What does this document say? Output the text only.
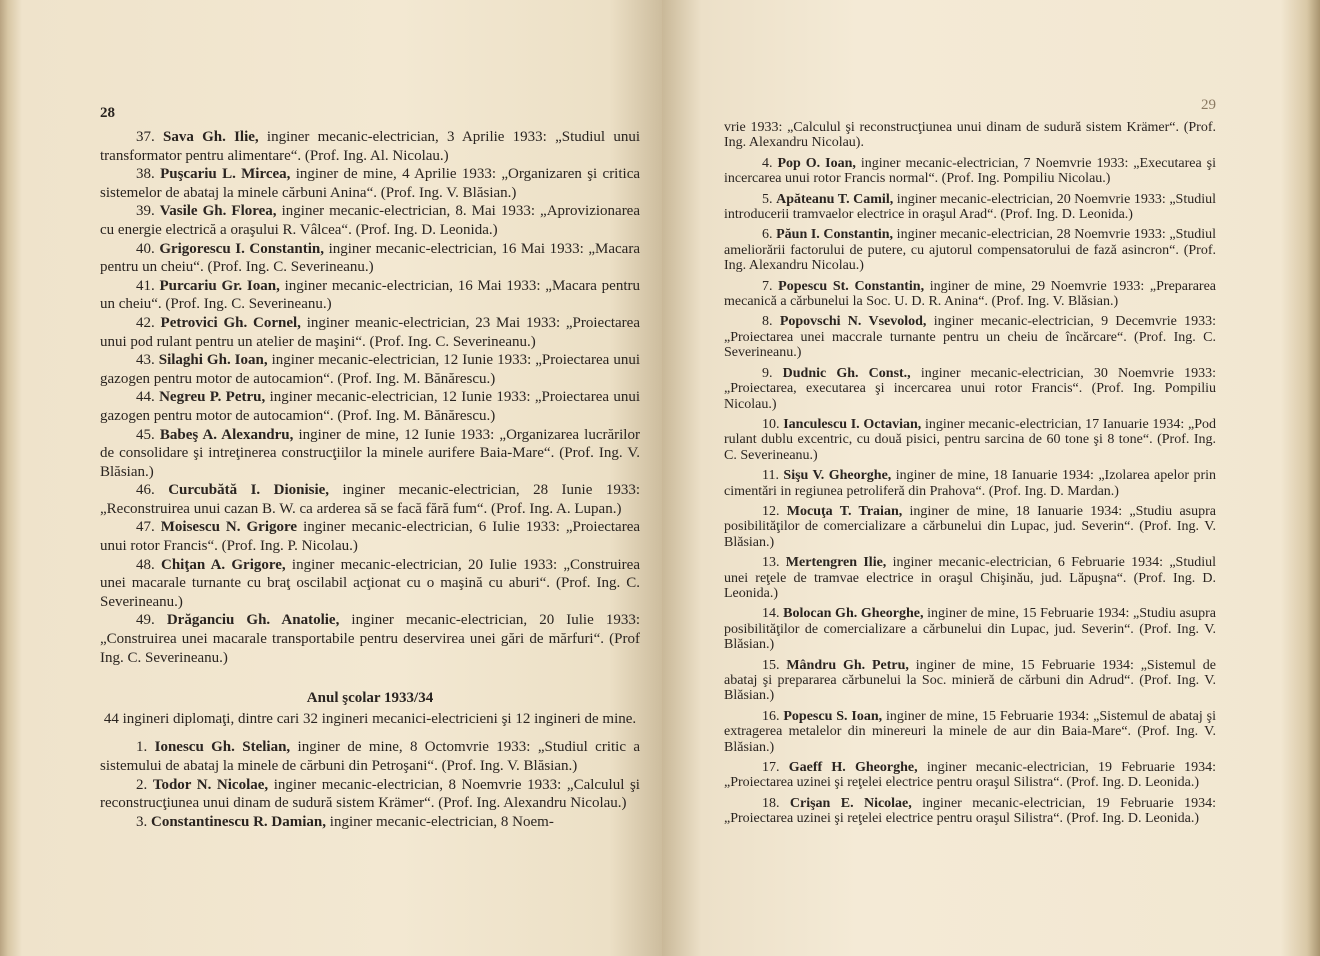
28

37. Sava Gh. Ilie, inginer mecanic-electrician, 3 Aprilie 1933: „Studiul unui transformator pentru alimentare“. (Prof. Ing. Al. Nicolau.)

38. Puşcariu L. Mircea, inginer de mine, 4 Aprilie 1933: „Organizaren şi critica sistemelor de abataj la minele cărbuni Anina“. (Prof. Ing. V. Blăsian.)

39. Vasile Gh. Florea, inginer mecanic-electrician, 8. Mai 1933: „Aprovizionarea cu energie electrică a oraşului R. Vâlcea“. (Prof. Ing. D. Leonida.)

40. Grigorescu I. Constantin, inginer mecanic-electrician, 16 Mai 1933: „Macara pentru un cheiu“. (Prof. Ing. C. Severineanu.)

41. Purcariu Gr. Ioan, inginer mecanic-electrician, 16 Mai 1933: „Macara pentru un cheiu“. (Prof. Ing. C. Severineanu.)

42. Petrovici Gh. Cornel, inginer meanic-electrician, 23 Mai 1933: „Proiectarea unui pod rulant pentru un atelier de maşini“. (Prof. Ing. C. Severineanu.)

43. Silaghi Gh. Ioan, inginer mecanic-electrician, 12 Iunie 1933: „Proiectarea unui gazogen pentru motor de autocamion“. (Prof. Ing. M. Bănărescu.)

44. Negreu P. Petru, inginer mecanic-electrician, 12 Iunie 1933: „Proiectarea unui gazogen pentru motor de autocamion“. (Prof. Ing. M. Bănărescu.)

45. Babeş A. Alexandru, inginer de mine, 12 Iunie 1933: „Organizarea lucrărilor de consolidare şi intreţinerea construcţiilor la minele aurifere Baia-Mare“. (Prof. Ing. V. Blăsian.)

46. Curcubătă I. Dionisie, inginer mecanic-electrician, 28 Iunie 1933: „Reconstruirea unui cazan B. W. ca arderea să se facă fără fum“. (Prof. Ing. A. Lupan.)

47. Moisescu N. Grigore inginer mecanic-electrician, 6 Iulie 1933: „Proiectarea unui rotor Francis“. (Prof. Ing. P. Nicolau.)

48. Chiţan A. Grigore, inginer mecanic-electrician, 20 Iulie 1933: „Construirea unei macarale turnante cu braţ oscilabil acţionat cu o maşină cu aburi“. (Prof. Ing. C. Severineanu.)

49. Drăganciu Gh. Anatolie, inginer mecanic-electrician, 20 Iulie 1933: „Construirea unei macarale transportabile pentru deservirea unei gări de mărfuri“. (Prof Ing. C. Severineanu.)

Anul şcolar 1933/34

44 ingineri diplomaţi, dintre cari 32 ingineri mecanici-electricieni şi 12 ingineri de mine.

1. Ionescu Gh. Stelian, inginer de mine, 8 Octomvrie 1933: „Studiul critic a sistemului de abataj la minele de cărbuni din Petroşani“. (Prof. Ing. V. Blăsian.)

2. Todor N. Nicolae, inginer mecanic-electrician, 8 Noemvrie 1933: „Calculul şi reconstrucţiunea unui dinam de sudură sistem Krämer“. (Prof. Ing. Alexandru Nicolau.)

3. Constantinescu R. Damian, inginer mecanic-electrician, 8 Noem-

29

vrie 1933: „Calculul şi reconstrucţiunea unui dinam de sudură sistem Krämer“. (Prof. Ing. Alexandru Nicolau).

4. Pop O. Ioan, inginer mecanic-electrician, 7 Noemvrie 1933: „Executarea şi incercarea unui rotor Francis normal“. (Prof. Ing. Pompiliu Nicolau.)

5. Apăteanu T. Camil, inginer mecanic-electrician, 20 Noemvrie 1933: „Studiul introducerii tramvaelor electrice in oraşul Arad“. (Prof. Ing. D. Leonida.)

6. Păun I. Constantin, inginer mecanic-electrician, 28 Noemvrie 1933: „Studiul ameliorării factorului de putere, cu ajutorul compensatorului de fază asincron“. (Prof. Ing. Alexandru Nicolau.)

7. Popescu St. Constantin, inginer de mine, 29 Noemvrie 1933: „Prepararea mecanică a cărbunelui la Soc. U. D. R. Anina“. (Prof. Ing. V. Blăsian.)

8. Popovschi N. Vsevolod, inginer mecanic-electrician, 9 Decemvrie 1933: „Proiectarea unei maccrale turnante pentru un cheiu de încărcare“. (Prof. Ing. C. Severineanu.)

9. Dudnic Gh. Const., inginer mecanic-electrician, 30 Noemvrie 1933: „Proiectarea, executarea şi incercarea unui rotor Francis“. (Prof. Ing. Pompiliu Nicolau.)

10. Ianculescu I. Octavian, inginer mecanic-electrician, 17 Ianuarie 1934: „Pod rulant dublu excentric, cu două pisici, pentru sarcina de 60 tone şi 8 tone“. (Prof. Ing. C. Severineanu.)

11. Sişu V. Gheorghe, inginer de mine, 18 Ianuarie 1934: „Izolarea apelor prin cimentări in regiunea petroliferă din Prahova“. (Prof. Ing. D. Mardan.)

12. Mocuţa T. Traian, inginer de mine, 18 Ianuarie 1934: „Studiu asupra posibilităţilor de comercializare a cărbunelui din Lupac, jud. Severin“. (Prof. Ing. V. Blăsian.)

13. Mertengren Ilie, inginer mecanic-electrician, 6 Februarie 1934: „Studiul unei reţele de tramvae electrice in oraşul Chişinău, jud. Lăpuşna“. (Prof. Ing. D. Leonida.)

14. Bolocan Gh. Gheorghe, inginer de mine, 15 Februarie 1934: „Studiu asupra posibilităţilor de comercializare a cărbunelui din Lupac, jud. Severin“. (Prof. Ing. V. Blăsian.)

15. Mândru Gh. Petru, inginer de mine, 15 Februarie 1934: „Sistemul de abataj şi prepararea cărbunelui la Soc. minieră de cărbuni din Adrud“. (Prof. Ing. V. Blăsian.)

16. Popescu S. Ioan, inginer de mine, 15 Februarie 1934: „Sistemul de abataj şi extragerea metalelor din minereuri la minele de aur din Baia-Mare“. (Prof. Ing. V. Blăsian.)

17. Gaeff H. Gheorghe, inginer mecanic-electrician, 19 Februarie 1934: „Proiectarea uzinei şi reţelei electrice pentru oraşul Silistra“. (Prof. Ing. D. Leonida.)

18. Crişan E. Nicolae, inginer mecanic-electrician, 19 Februarie 1934: „Proiectarea uzinei şi reţelei electrice pentru oraşul Silistra“. (Prof. Ing. D. Leonida.)
